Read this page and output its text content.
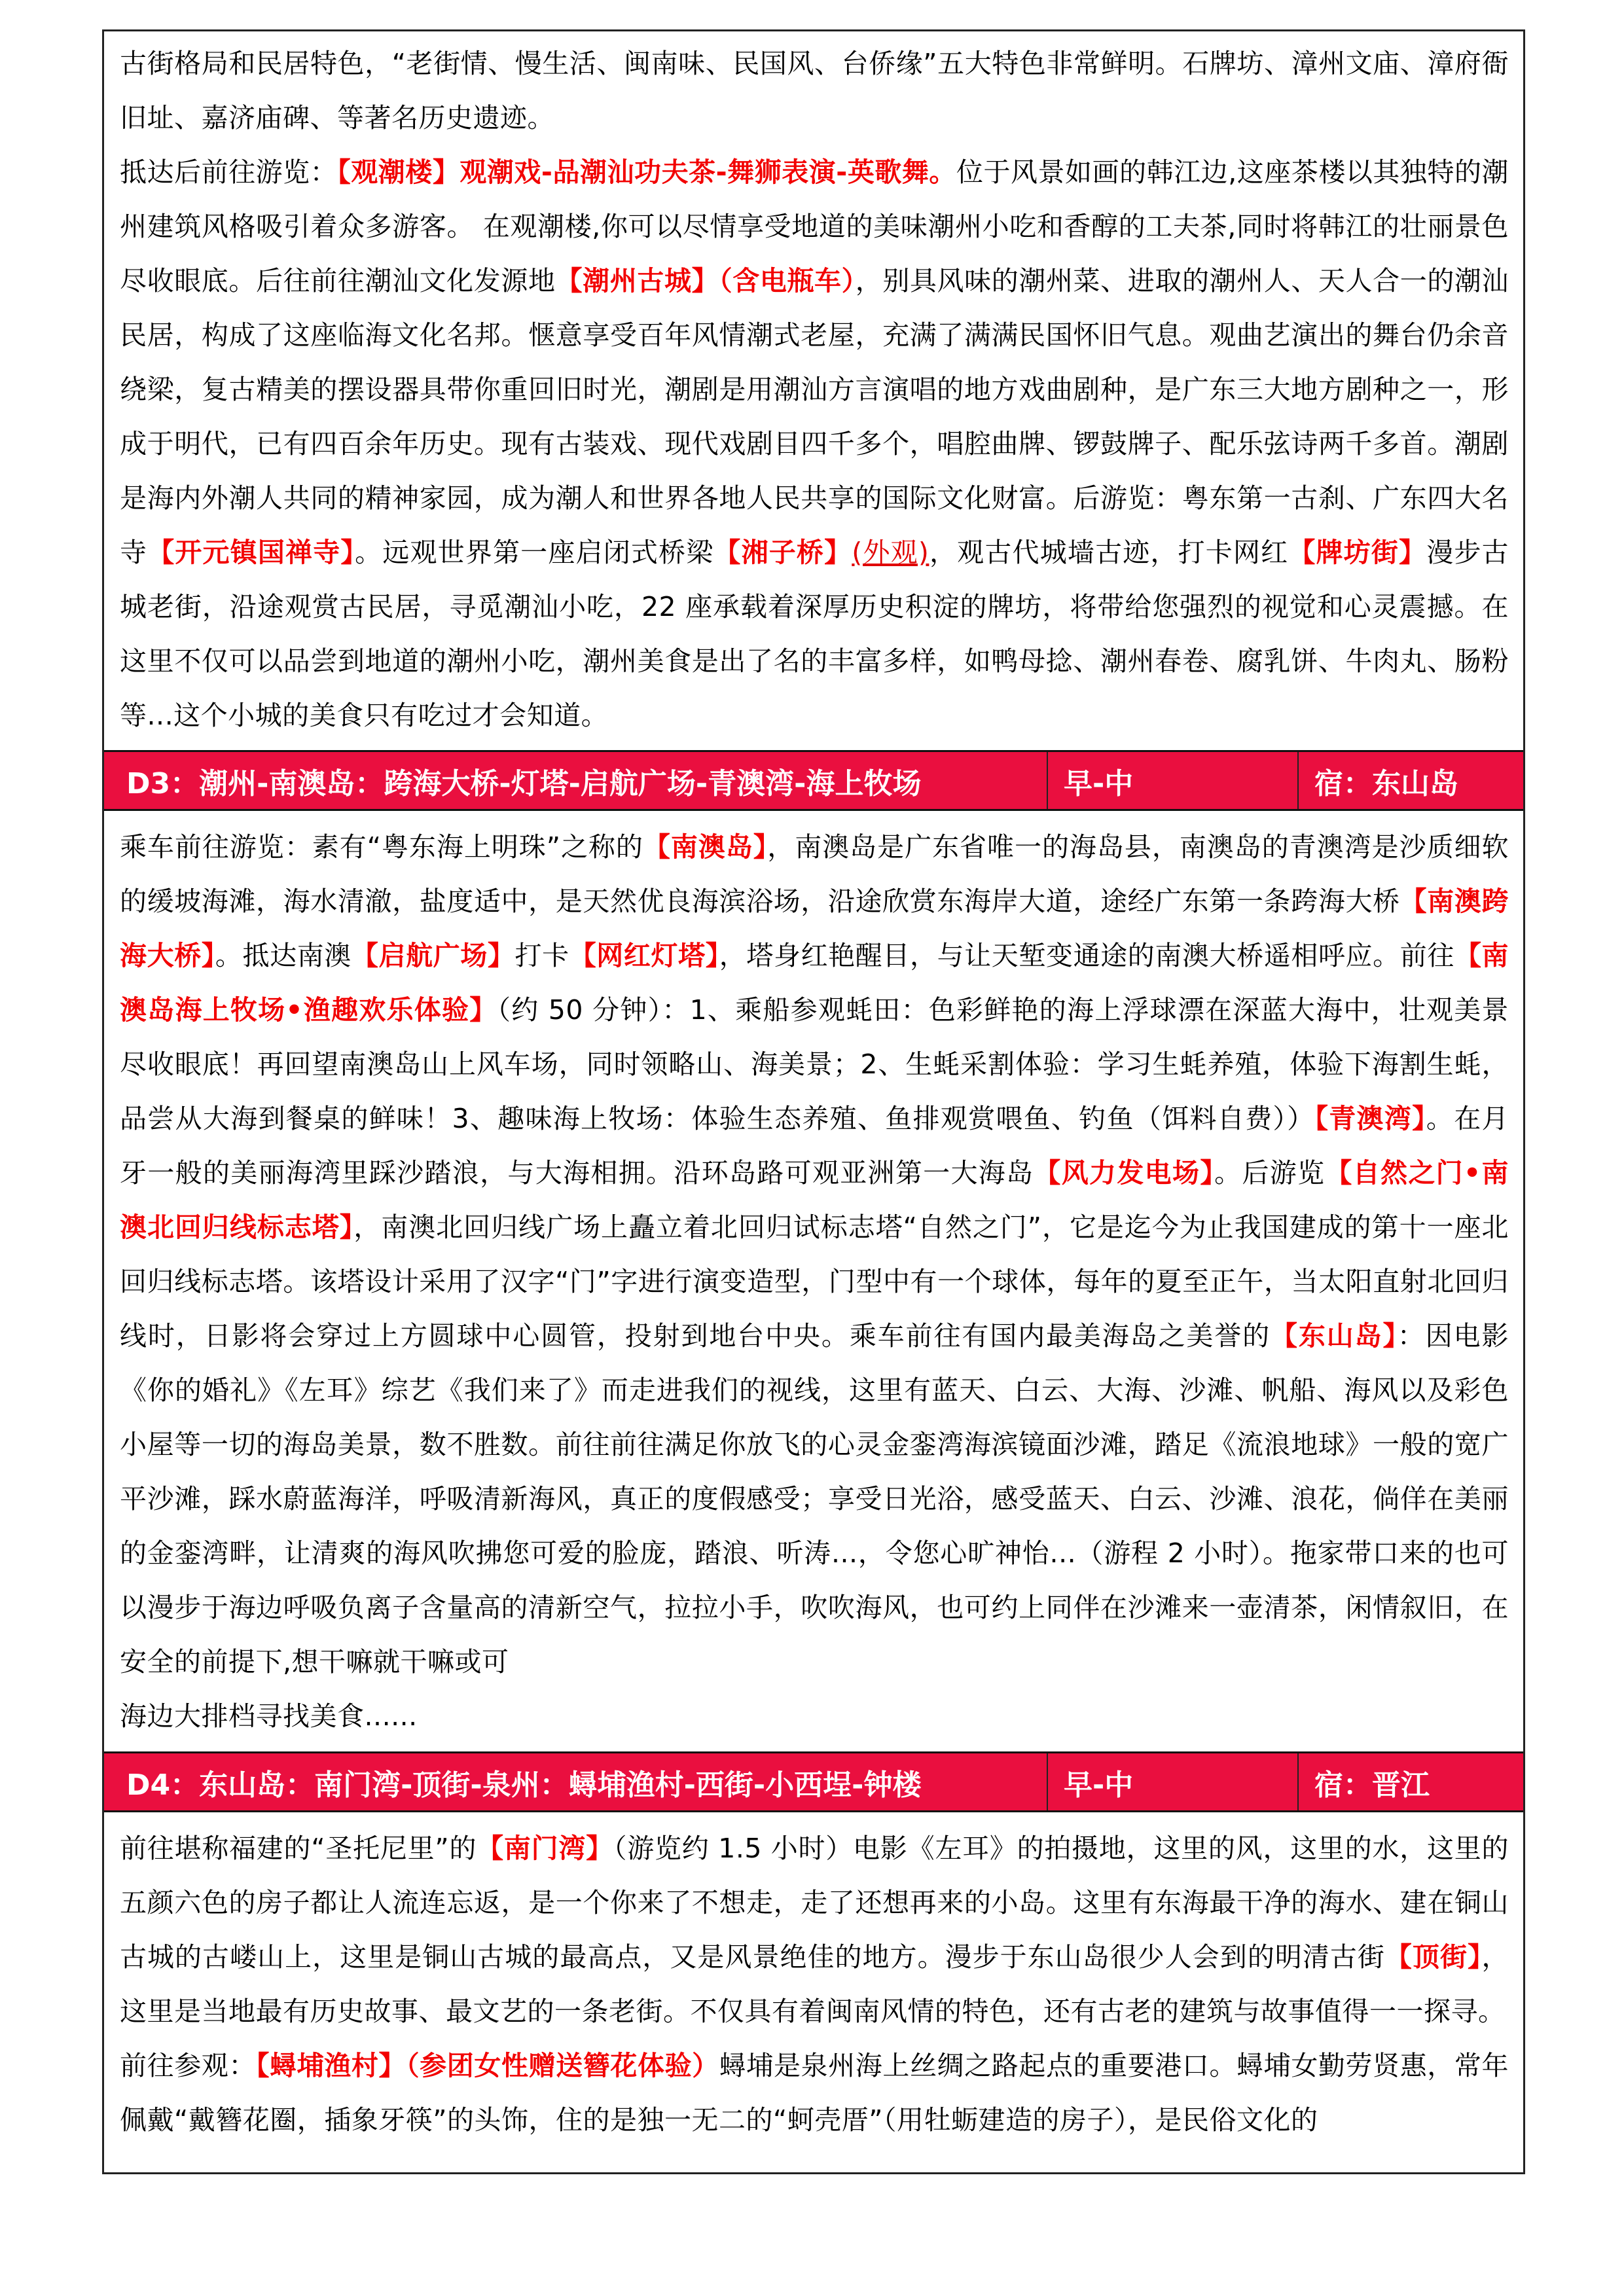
古街格局和民居特色，“老街情、慢生活、闽南味、民国风、台侨缘”五大特色非常鲜明。石牌坊、漳州文庙、漳府衙旧址、嘉济庙碑、等著名历史遗迹。

抵达后前往游览：【观潮楼】观潮戏-品潮汕功夫茶-舞狮表演-英歌舞。位于风景如画的韩江边,这座茶楼以其独特的潮州建筑风格吸引着众多游客。 在观潮楼,你可以尽情享受地道的美味潮州小吃和香醇的工夫茶,同时将韩江的壮丽景色尽收眼底。后往前往潮汕文化发源地【潮州古城】（含电瓶车），别具风味的潮州菜、进取的潮州人、天人合一的潮汕民居，构成了这座临海文化名邦。惬意享受百年风情潮式老屋，充满了满满民国怀旧气息。观曲艺演出的舞台仍余音绕梁，复古精美的摆设器具带你重回旧时光，潮剧是用潮汕方言演唱的地方戏曲剧种，是广东三大地方剧种之一，形成于明代，已有四百余年历史。现有古装戏、现代戏剧目四千多个，唱腔曲牌、锣鼓牌子、配乐弦诗两千多首。潮剧是海内外潮人共同的精神家园，成为潮人和世界各地人民共享的国际文化财富。后游览：粤东第一古刹、广东四大名寺【开元镇国禅寺】。远观世界第一座启闭式桥梁【湘子桥】(外观)，观古代城墙古迹，打卡网红【牌坊街】漫步古城老街，沿途观赏古民居，寻觅潮汕小吃，22 座承载着深厚历史积淀的牌坊，将带给您强烈的视觉和心灵震撼。在这里不仅可以品尝到地道的潮州小吃，潮州美食是出了名的丰富多样，如鸭母捻、潮州春卷、腐乳饼、牛肉丸、肠粉等...这个小城的美食只有吃过才会知道。

D3：潮州-南澳岛：跨海大桥-灯塔-启航广场-青澳湾-海上牧场	早-中	宿：东山岛

乘车前往游览：素有“粤东海上明珠”之称的【南澳岛】，南澳岛是广东省唯一的海岛县，南澳岛的青澳湾是沙质细软的缓坡海滩，海水清澈，盐度适中，是天然优良海滨浴场，沿途欣赏东海岸大道，途经广东第一条跨海大桥【南澳跨海大桥】。抵达南澳【启航广场】打卡【网红灯塔】，塔身红艳醒目，与让天堑变通途的南澳大桥遥相呼应。前往【南澳岛海上牧场•渔趣欢乐体验】（约 50 分钟）：1、乘船参观蚝田：色彩鲜艳的海上浮球漂在深蓝大海中，壮观美景尽收眼底！再回望南澳岛山上风车场，同时领略山、海美景；2、生蚝采割体验：学习生蚝养殖，体验下海割生蚝，品尝从大海到餐桌的鲜味！3、趣味海上牧场：体验生态养殖、鱼排观赏喂鱼、钓鱼（饵料自费））【青澳湾】。在月牙一般的美丽海湾里踩沙踏浪，与大海相拥。沿环岛路可观亚洲第一大海岛【风力发电场】。后游览【自然之门•南澳北回归线标志塔】，南澳北回归线广场上矗立着北回归试标志塔“自然之门”，它是迄今为止我国建成的第十一座北回归线标志塔。该塔设计采用了汉字“门”字进行演变造型，门型中有一个球体，每年的夏至正午，当太阳直射北回归线时，日影将会穿过上方圆球中心圆管，投射到地台中央。乘车前往有国内最美海岛之美誉的【东山岛】：因电影《你的婚礼》《左耳》综艺《我们来了》而走进我们的视线，这里有蓝天、白云、大海、沙滩、帆船、海风以及彩色小屋等一切的海岛美景，数不胜数。前往前往满足你放飞的心灵金銮湾海滨镜面沙滩，踏足《流浪地球》一般的宽广平沙滩，踩水蔚蓝海洋，呼吸清新海风，真正的度假感受；享受日光浴，感受蓝天、白云、沙滩、浪花，倘佯在美丽的金銮湾畔，让清爽的海风吹拂您可爱的脸庞，踏浪、听涛...，令您心旷神怡...（游程 2 小时）。拖家带口来的也可以漫步于海边呼吸负离子含量高的清新空气，拉拉小手，吹吹海风，也可约上同伴在沙滩来一壶清茶，闲情叙旧，在安全的前提下,想干嘛就干嘛或可

海边大排档寻找美食......

D4：东山岛：南门湾-顶街-泉州：蟳埔渔村-西街-小西埕-钟楼	早-中	宿：晋江

前往堪称福建的“圣托尼里”的【南门湾】（游览约 1.5 小时）电影《左耳》的拍摄地，这里的风，这里的水，这里的五颜六色的房子都让人流连忘返，是一个你来了不想走，走了还想再来的小岛。这里有东海最干净的海水、建在铜山古城的古嵝山上，这里是铜山古城的最高点，又是风景绝佳的地方。漫步于东山岛很少人会到的明清古街【顶街】，这里是当地最有历史故事、最文艺的一条老街。不仅具有着闽南风情的特色，还有古老的建筑与故事值得一一探寻。

前往参观：【蟳埔渔村】（参团女性赠送簪花体验）蟳埔是泉州海上丝绸之路起点的重要港口。蟳埔女勤劳贤惠，常年佩戴“戴簪花圈，插象牙筷”的头饰，住的是独一无二的“蚵壳厝”（用牡蛎建造的房子），是民俗文化的
